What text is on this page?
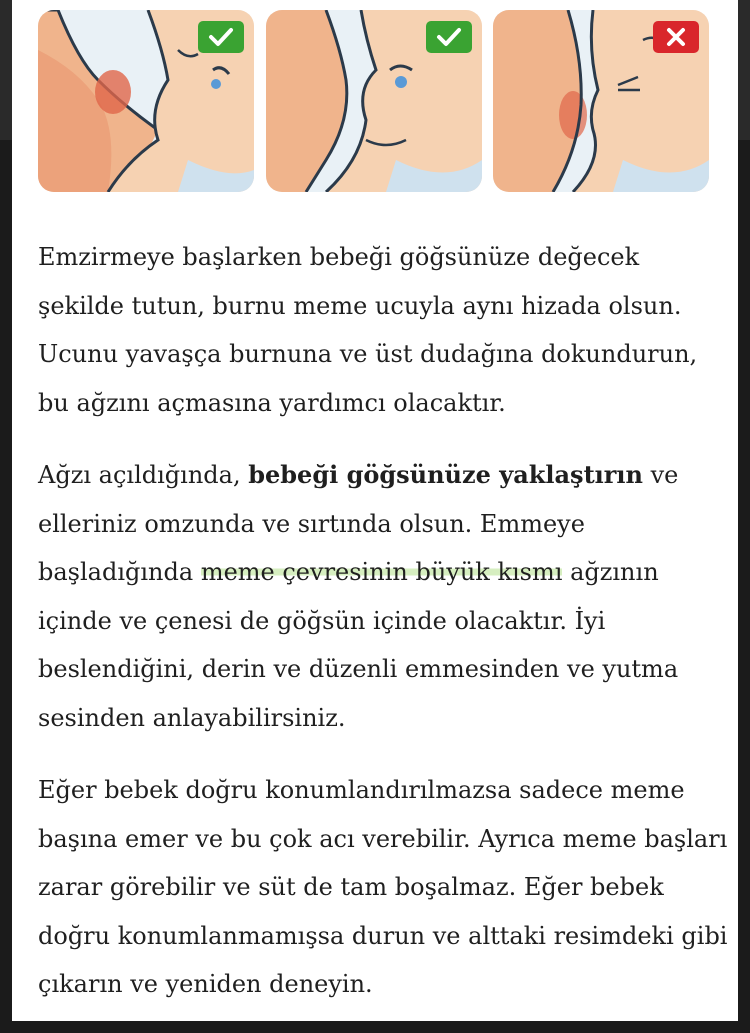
Emzirmeye başlarken bebeği göğsünüze değecek şekilde tutun, burnu meme ucuyla aynı hizada olsun. Ucunu yavaşça burnuna ve üst dudağına dokundurun, bu ağzını açmasına yardımcı olacaktır.

Ağzı açıldığında, bebeği göğsünüze yaklaştırın ve elleriniz omzunda ve sırtında olsun. Emmeye başladığında meme çevresinin büyük kısmı ağzının içinde ve çenesi de göğsün içinde olacaktır. İyi beslendiğini, derin ve düzenli emmesinden ve yutma sesinden anlayabilirsiniz.

Eğer bebek doğru konumlandırılmazsa sadece meme başına emer ve bu çok acı verebilir. Ayrıca meme başları zarar görebilir ve süt de tam boşalmaz. Eğer bebek doğru konumlanmamışsa durun ve alttaki resimdeki gibi çıkarın ve yeniden deneyin.
